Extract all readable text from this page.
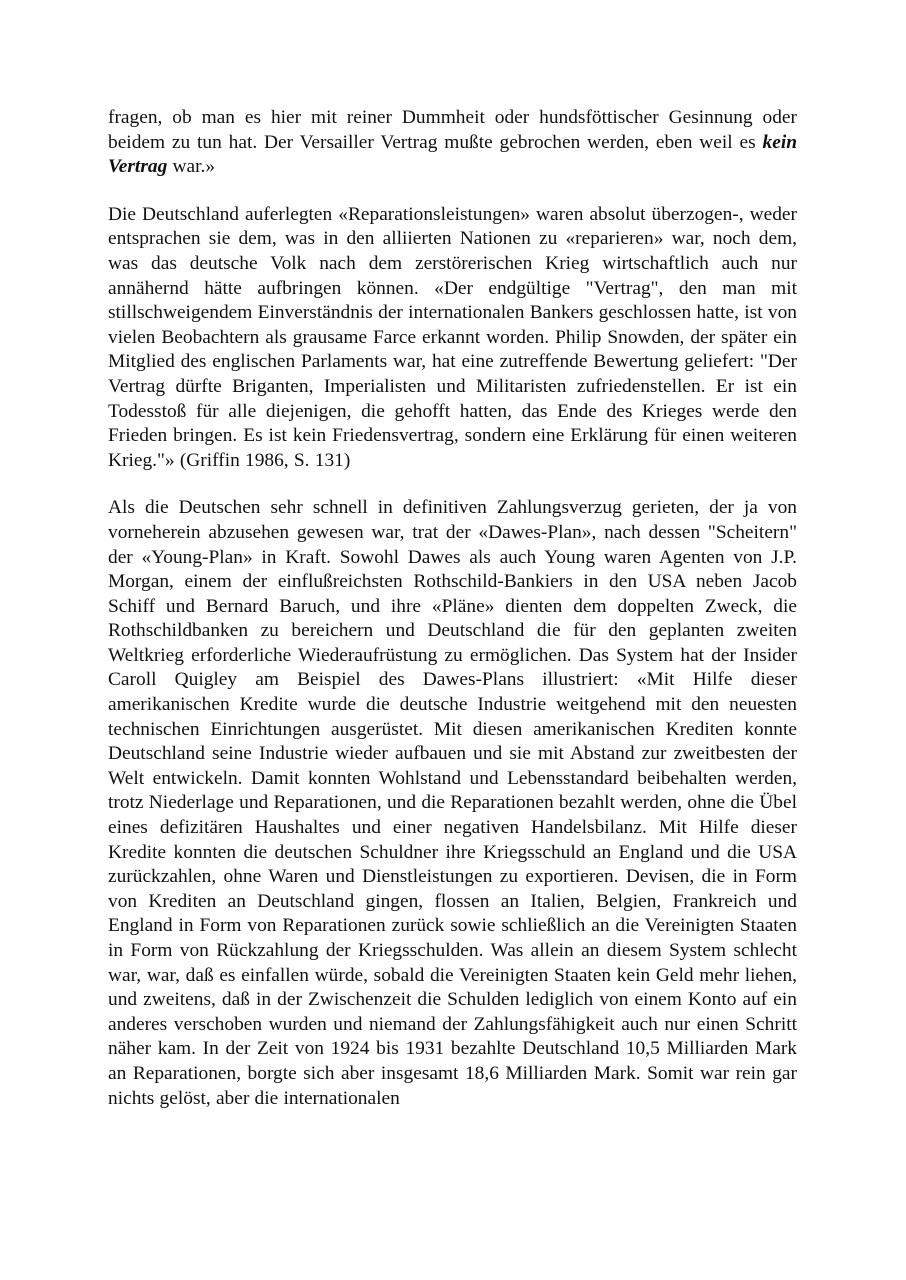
fragen, ob man es hier mit reiner Dummheit oder hundsföttischer Gesinnung oder beidem zu tun hat. Der Versailler Vertrag mußte gebrochen werden, eben weil es kein Vertrag war.»

Die Deutschland auferlegten «Reparationsleistungen» waren absolut überzogen-, weder entsprachen sie dem, was in den alliierten Nationen zu «reparieren» war, noch dem, was das deutsche Volk nach dem zerstörerischen Krieg wirtschaftlich auch nur annähernd hätte aufbringen können. «Der endgültige "Vertrag", den man mit stillschweigendem Einverständnis der internationalen Bankers geschlossen hatte, ist von vielen Beobachtern als grausame Farce erkannt worden. Philip Snowden, der später ein Mitglied des englischen Parlaments war, hat eine zutreffende Bewertung geliefert: "Der Vertrag dürfte Briganten, Imperialisten und Militaristen zufriedenstellen. Er ist ein Todesstoß für alle diejenigen, die gehofft hatten, das Ende des Krieges werde den Frieden bringen. Es ist kein Friedensvertrag, sondern eine Erklärung für einen weiteren Krieg."» (Griffin 1986, S. 131)

Als die Deutschen sehr schnell in definitiven Zahlungsverzug gerieten, der ja von vorneherein abzusehen gewesen war, trat der «Dawes-Plan», nach dessen "Scheitern" der «Young-Plan» in Kraft. Sowohl Dawes als auch Young waren Agenten von J.P. Morgan, einem der einflußreichsten Rothschild-Bankiers in den USA neben Jacob Schiff und Bernard Baruch, und ihre «Pläne» dienten dem doppelten Zweck, die Rothschildbanken zu bereichern und Deutschland die für den geplanten zweiten Weltkrieg erforderliche Wiederaufrüstung zu ermöglichen. Das System hat der Insider Caroll Quigley am Beispiel des Dawes-Plans illustriert: «Mit Hilfe dieser amerikanischen Kredite wurde die deutsche Industrie weitgehend mit den neuesten technischen Einrichtungen ausgerüstet. Mit diesen amerikanischen Krediten konnte Deutschland seine Industrie wieder aufbauen und sie mit Abstand zur zweitbesten der Welt entwickeln. Damit konnten Wohlstand und Lebensstandard beibehalten werden, trotz Niederlage und Reparationen, und die Reparationen bezahlt werden, ohne die Übel eines defizitären Haushaltes und einer negativen Handelsbilanz. Mit Hilfe dieser Kredite konnten die deutschen Schuldner ihre Kriegsschuld an England und die USA zurückzahlen, ohne Waren und Dienstleistungen zu exportieren. Devisen, die in Form von Krediten an Deutschland gingen, flossen an Italien, Belgien, Frankreich und England in Form von Reparationen zurück sowie schließlich an die Vereinigten Staaten in Form von Rückzahlung der Kriegsschulden. Was allein an diesem System schlecht war, war, daß es einfallen würde, sobald die Vereinigten Staaten kein Geld mehr liehen, und zweitens, daß in der Zwischenzeit die Schulden lediglich von einem Konto auf ein anderes verschoben wurden und niemand der Zahlungsfähigkeit auch nur einen Schritt näher kam. In der Zeit von 1924 bis 1931 bezahlte Deutschland 10,5 Milliarden Mark an Reparationen, borgte sich aber insgesamt 18,6 Milliarden Mark. Somit war rein gar nichts gelöst, aber die internationalen
